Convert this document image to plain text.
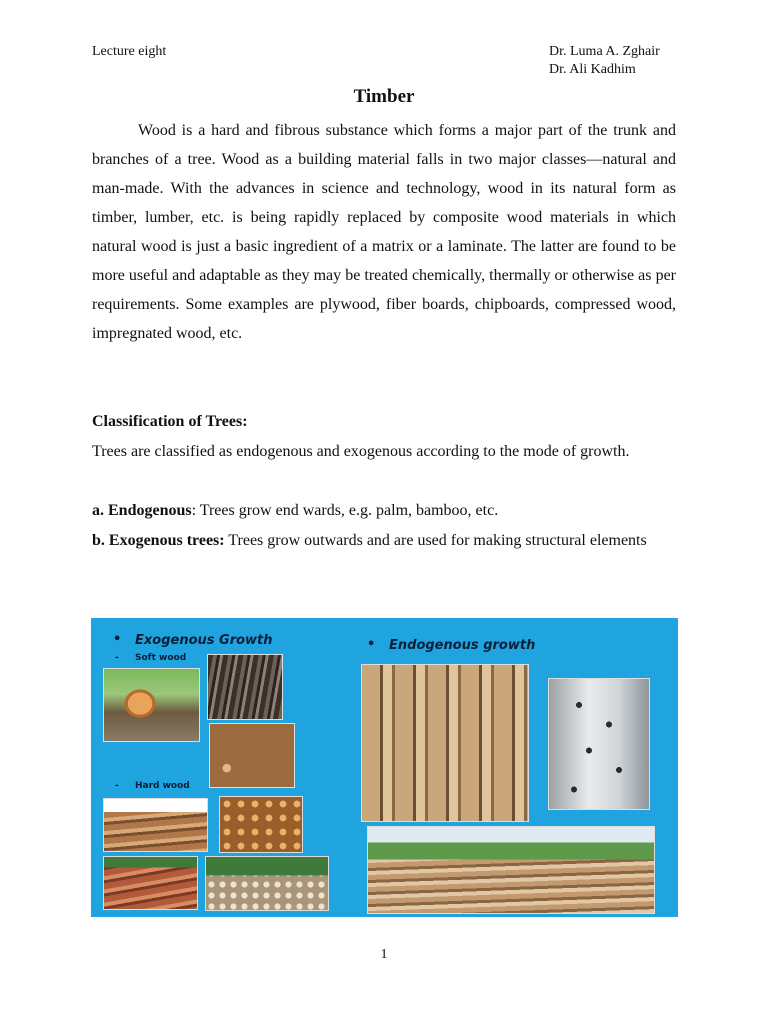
Lecture eight	Dr. Luma A. Zghair
Dr. Ali Kadhim
Timber
Wood is a hard and fibrous substance which forms a major part of the trunk and branches of a tree. Wood as a building material falls in two major classes—natural and man-made. With the advances in science and technology, wood in its natural form as timber, lumber, etc. is being rapidly replaced by composite wood materials in which natural wood is just a basic ingredient of a matrix or a laminate. The latter are found to be more useful and adaptable as they may be treated chemically, thermally or otherwise as per requirements. Some examples are plywood, fiber boards, chipboards, compressed wood, impregnated wood, etc.
Classification of Trees:
Trees are classified as endogenous and exogenous according to the mode of growth.
a. Endogenous: Trees grow end wards, e.g. palm, bamboo, etc.
b. Exogenous trees: Trees grow outwards and are used for making structural elements
• Exogenous Growth
- Soft wood
• Endogenous growth
- Hard wood
1
